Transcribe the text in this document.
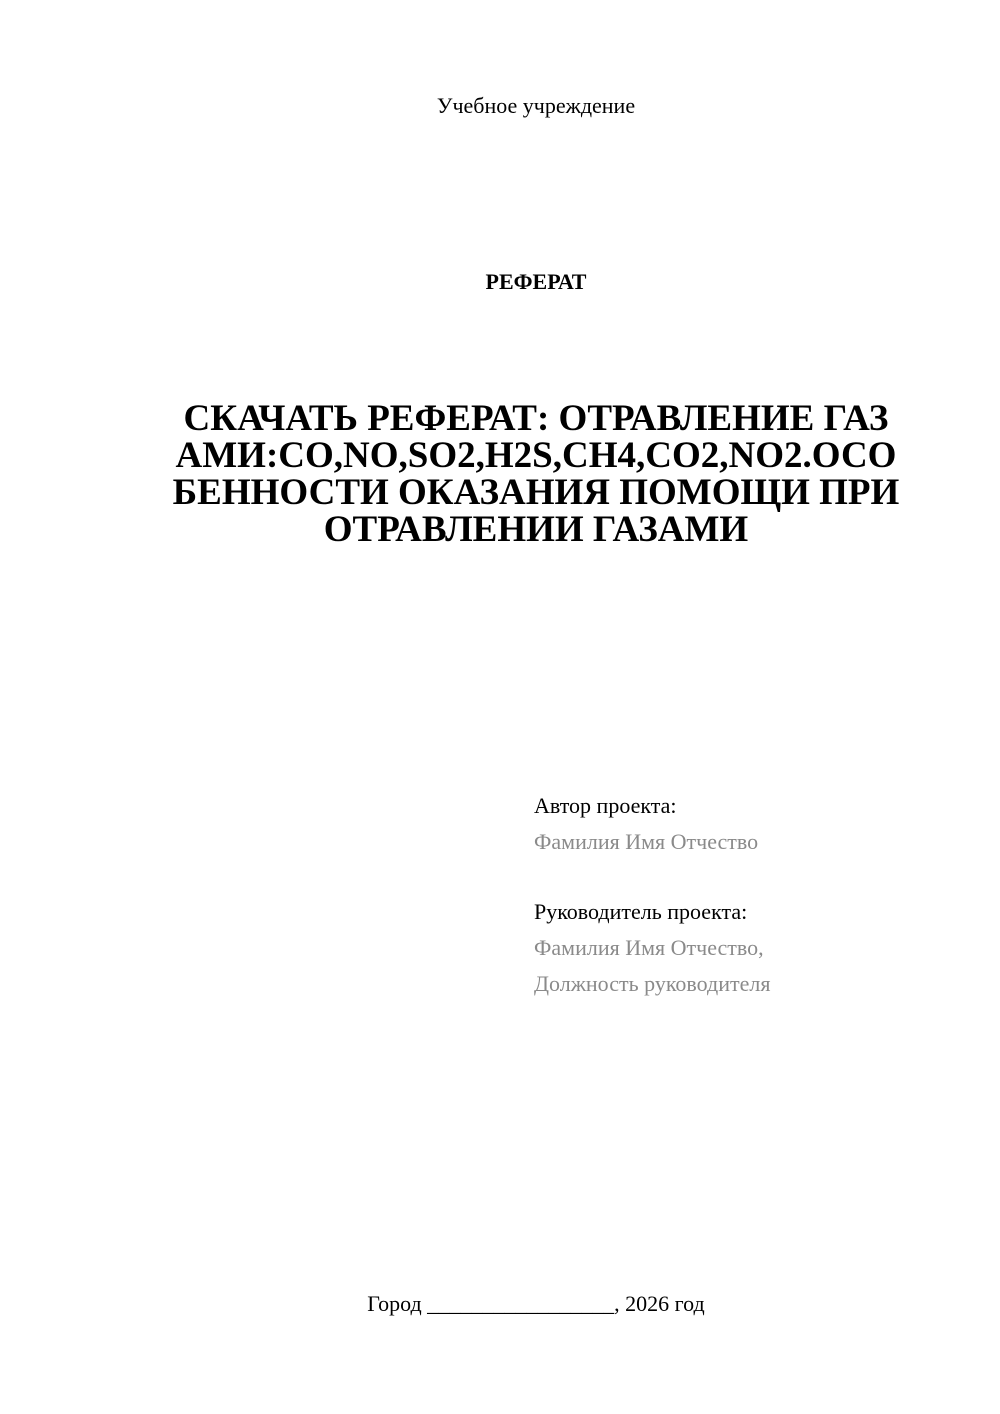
Учебное учреждение
РЕФЕРАТ
СКАЧАТЬ РЕФЕРАТ: ОТРАВЛЕНИЕ ГАЗ
АМИ:CO,NO,SO2,H2S,CH4,CO2,NO2.ОСО
БЕННОСТИ ОКАЗАНИЯ ПОМОЩИ ПРИ
ОТРАВЛЕНИИ ГАЗАМИ
Автор проекта:
Фамилия Имя Отчество
Руководитель проекта:
Фамилия Имя Отчество,
Должность руководителя
Город _________________, 2026 год
